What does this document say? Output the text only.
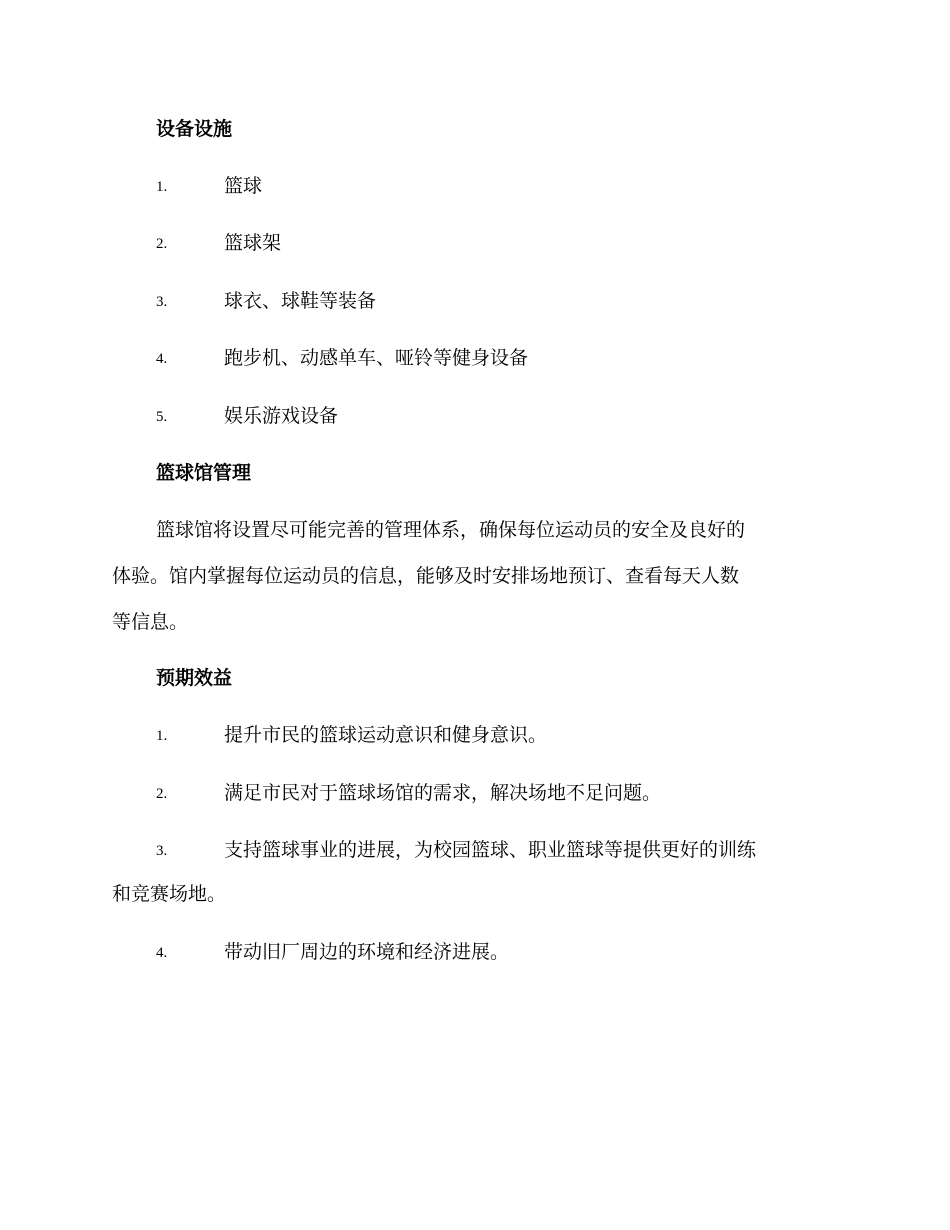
设备设施
1.	篮球
2.	篮球架
3.	球衣、球鞋等装备
4.	跑步机、动感单车、哑铃等健身设备
5.	娱乐游戏设备
篮球馆管理
篮球馆将设置尽可能完善的管理体系，确保每位运动员的安全及良好的
体验。馆内掌握每位运动员的信息，能够及时安排场地预订、查看每天人数
等信息。
预期效益
1.	提升市民的篮球运动意识和健身意识。
2.	满足市民对于篮球场馆的需求，解决场地不足问题。
3.	支持篮球事业的进展，为校园篮球、职业篮球等提供更好的训练
和竞赛场地。
4.	带动旧厂周边的环境和经济进展。
